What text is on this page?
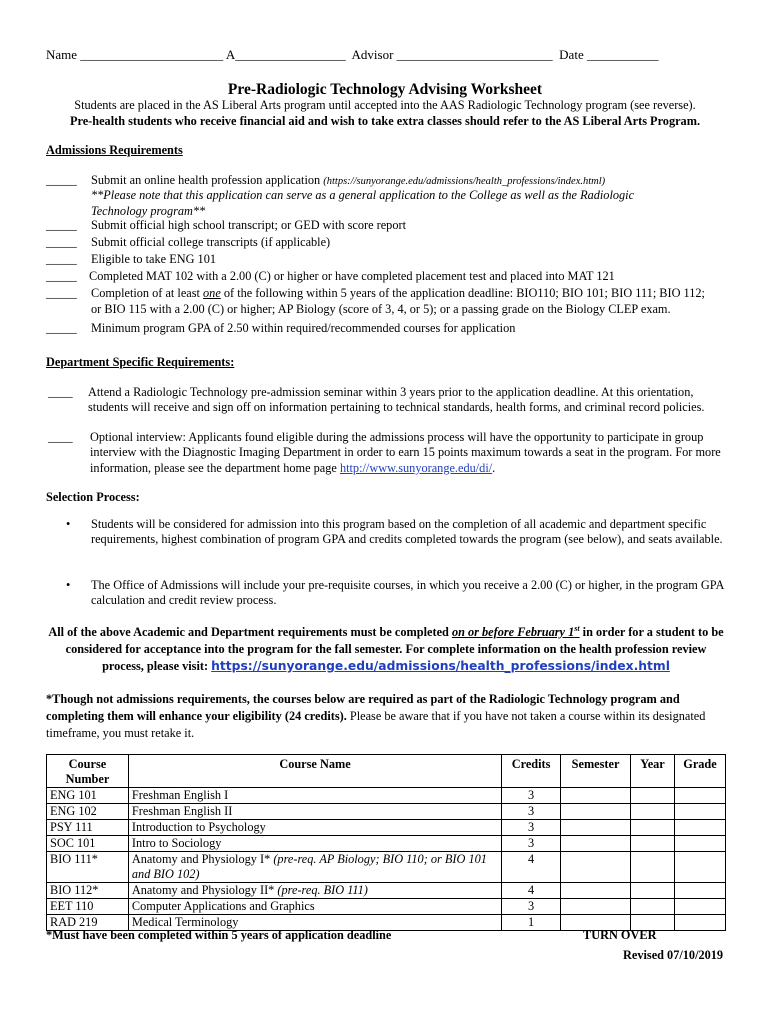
Name ______________________ A_________________  Advisor ________________________  Date ___________
Pre-Radiologic Technology Advising Worksheet
Students are placed in the AS Liberal Arts program until accepted into the AAS Radiologic Technology program (see reverse).
Pre-health students who receive financial aid and wish to take extra classes should refer to the AS Liberal Arts Program.
Admissions Requirements
_____ Submit an online health profession application (https://sunyorange.edu/admissions/health_professions/index.html)
**Please note that this application can serve as a general application to the College as well as the Radiologic Technology program**
_____ Submit official high school transcript; or GED with score report
_____ Submit official college transcripts (if applicable)
_____ Eligible to take ENG 101
_____ Completed MAT 102 with a 2.00 (C) or higher or have completed placement test and placed into MAT 121
_____ Completion of at least one of the following within 5 years of the application deadline: BIO110; BIO 101; BIO 111; BIO 112;
or BIO 115 with a 2.00 (C) or higher; AP Biology (score of 3, 4, or 5); or a passing grade on the Biology CLEP exam.
_____ Minimum program GPA of 2.50 within required/recommended courses for application
Department Specific Requirements:
____ Attend a Radiologic Technology pre-admission seminar within 3 years prior to the application deadline. At this orientation, students will receive and sign off on information pertaining to technical standards, health forms, and criminal record policies.
____ Optional interview: Applicants found eligible during the admissions process will have the opportunity to participate in group interview with the Diagnostic Imaging Department in order to earn 15 points maximum towards a seat in the program. For more information, please see the department home page http://www.sunyorange.edu/di/.
Selection Process:
• Students will be considered for admission into this program based on the completion of all academic and department specific requirements, highest combination of program GPA and credits completed towards the program (see below), and seats available.
• The Office of Admissions will include your pre-requisite courses, in which you receive a 2.00 (C) or higher, in the program GPA calculation and credit review process.
All of the above Academic and Department requirements must be completed on or before February 1st in order for a student to be considered for acceptance into the program for the fall semester. For complete information on the health profession review
process, please visit: https://sunyorange.edu/admissions/health_professions/index.html
*Though not admissions requirements, the courses below are required as part of the Radiologic Technology program and completing them will enhance your eligibility (24 credits). Please be aware that if you have not taken a course within its designated timeframe, you must retake it.
Course Number	Course Name	Credits	Semester	Year	Grade
ENG 101	Freshman English I	3			
ENG 102	Freshman English II	3			
PSY 111	Introduction to Psychology	3			
SOC 101	Intro to Sociology	3			
BIO 111*	Anatomy and Physiology I* (pre-req. AP Biology; BIO 110; or BIO 101 and BIO 102)	4			
BIO 112*	Anatomy and Physiology II* (pre-req. BIO 111)	4			
EET 110	Computer Applications and Graphics	3			
RAD 219	Medical Terminology	1			
*Must have been completed within 5 years of application deadline	TURN OVER
Revised 07/10/2019
